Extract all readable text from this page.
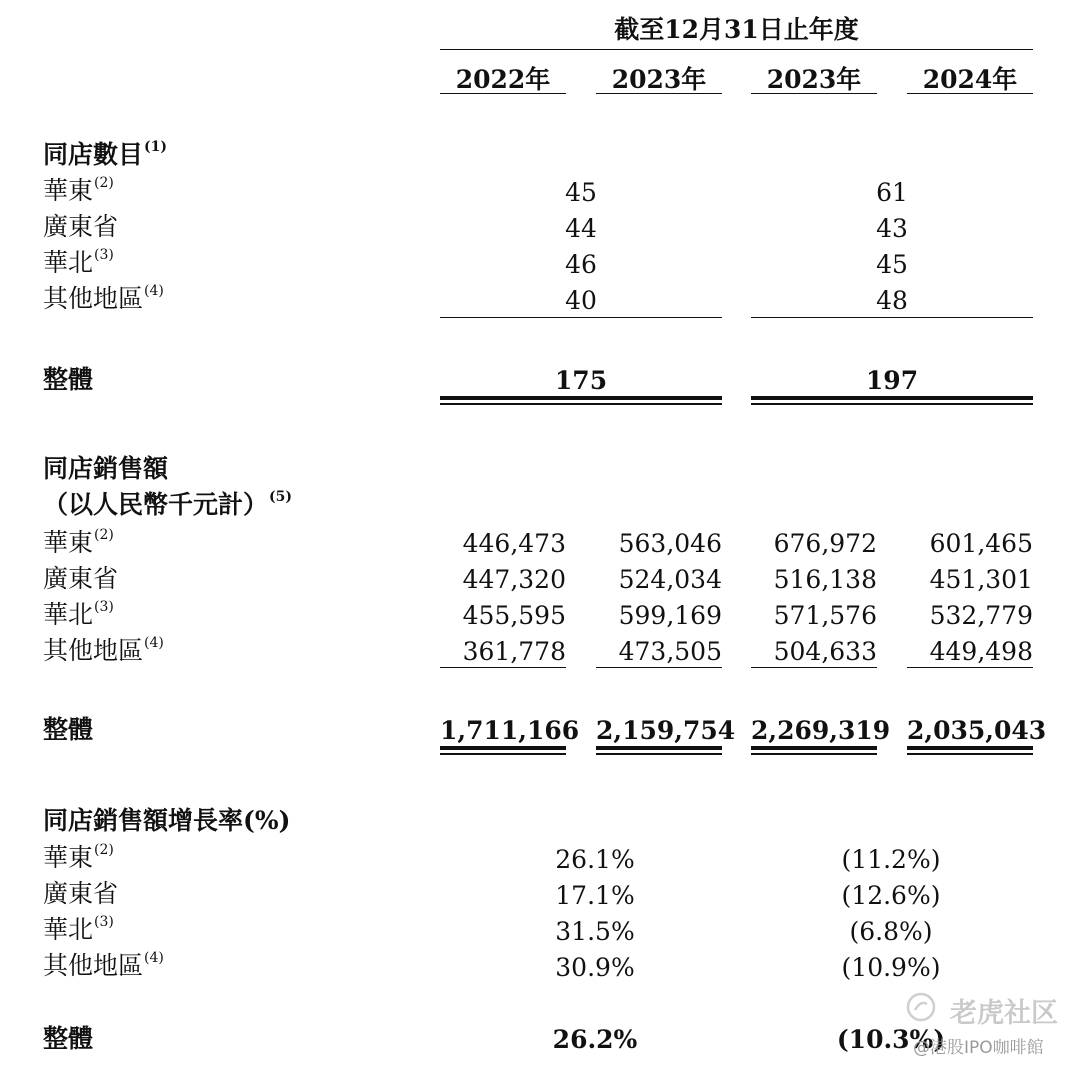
截至12月31日止年度
2022年	2023年	2023年	2024年
同店數目$^{(1)}$
華東$^{(2)}$	45	61
廣東省	44	43
華北$^{(3)}$	46	45
其他地區$^{(4)}$	40	48
整體	175	197
同店銷售額
（以人民幣千元計）$^{(5)}$
華東$^{(2)}$	446,473	563,046	676,972	601,465
廣東省	447,320	524,034	516,138	451,301
華北$^{(3)}$	455,595	599,169	571,576	532,779
其他地區$^{(4)}$	361,778	473,505	504,633	449,498
整體	1,711,166 2,159,754 2,269,319 2,035,043
同店銷售額增長率(%)
華東$^{(2)}$	26.1%	(11.2%)
廣東省	17.1%	(12.6%)
華北$^{(3)}$	31.5%	(6.8%)
其他地區$^{(4)}$	30.9%	(10.9%)
整體	26.2%	(10.3%)
老虎社区
@港股IPO咖啡館
